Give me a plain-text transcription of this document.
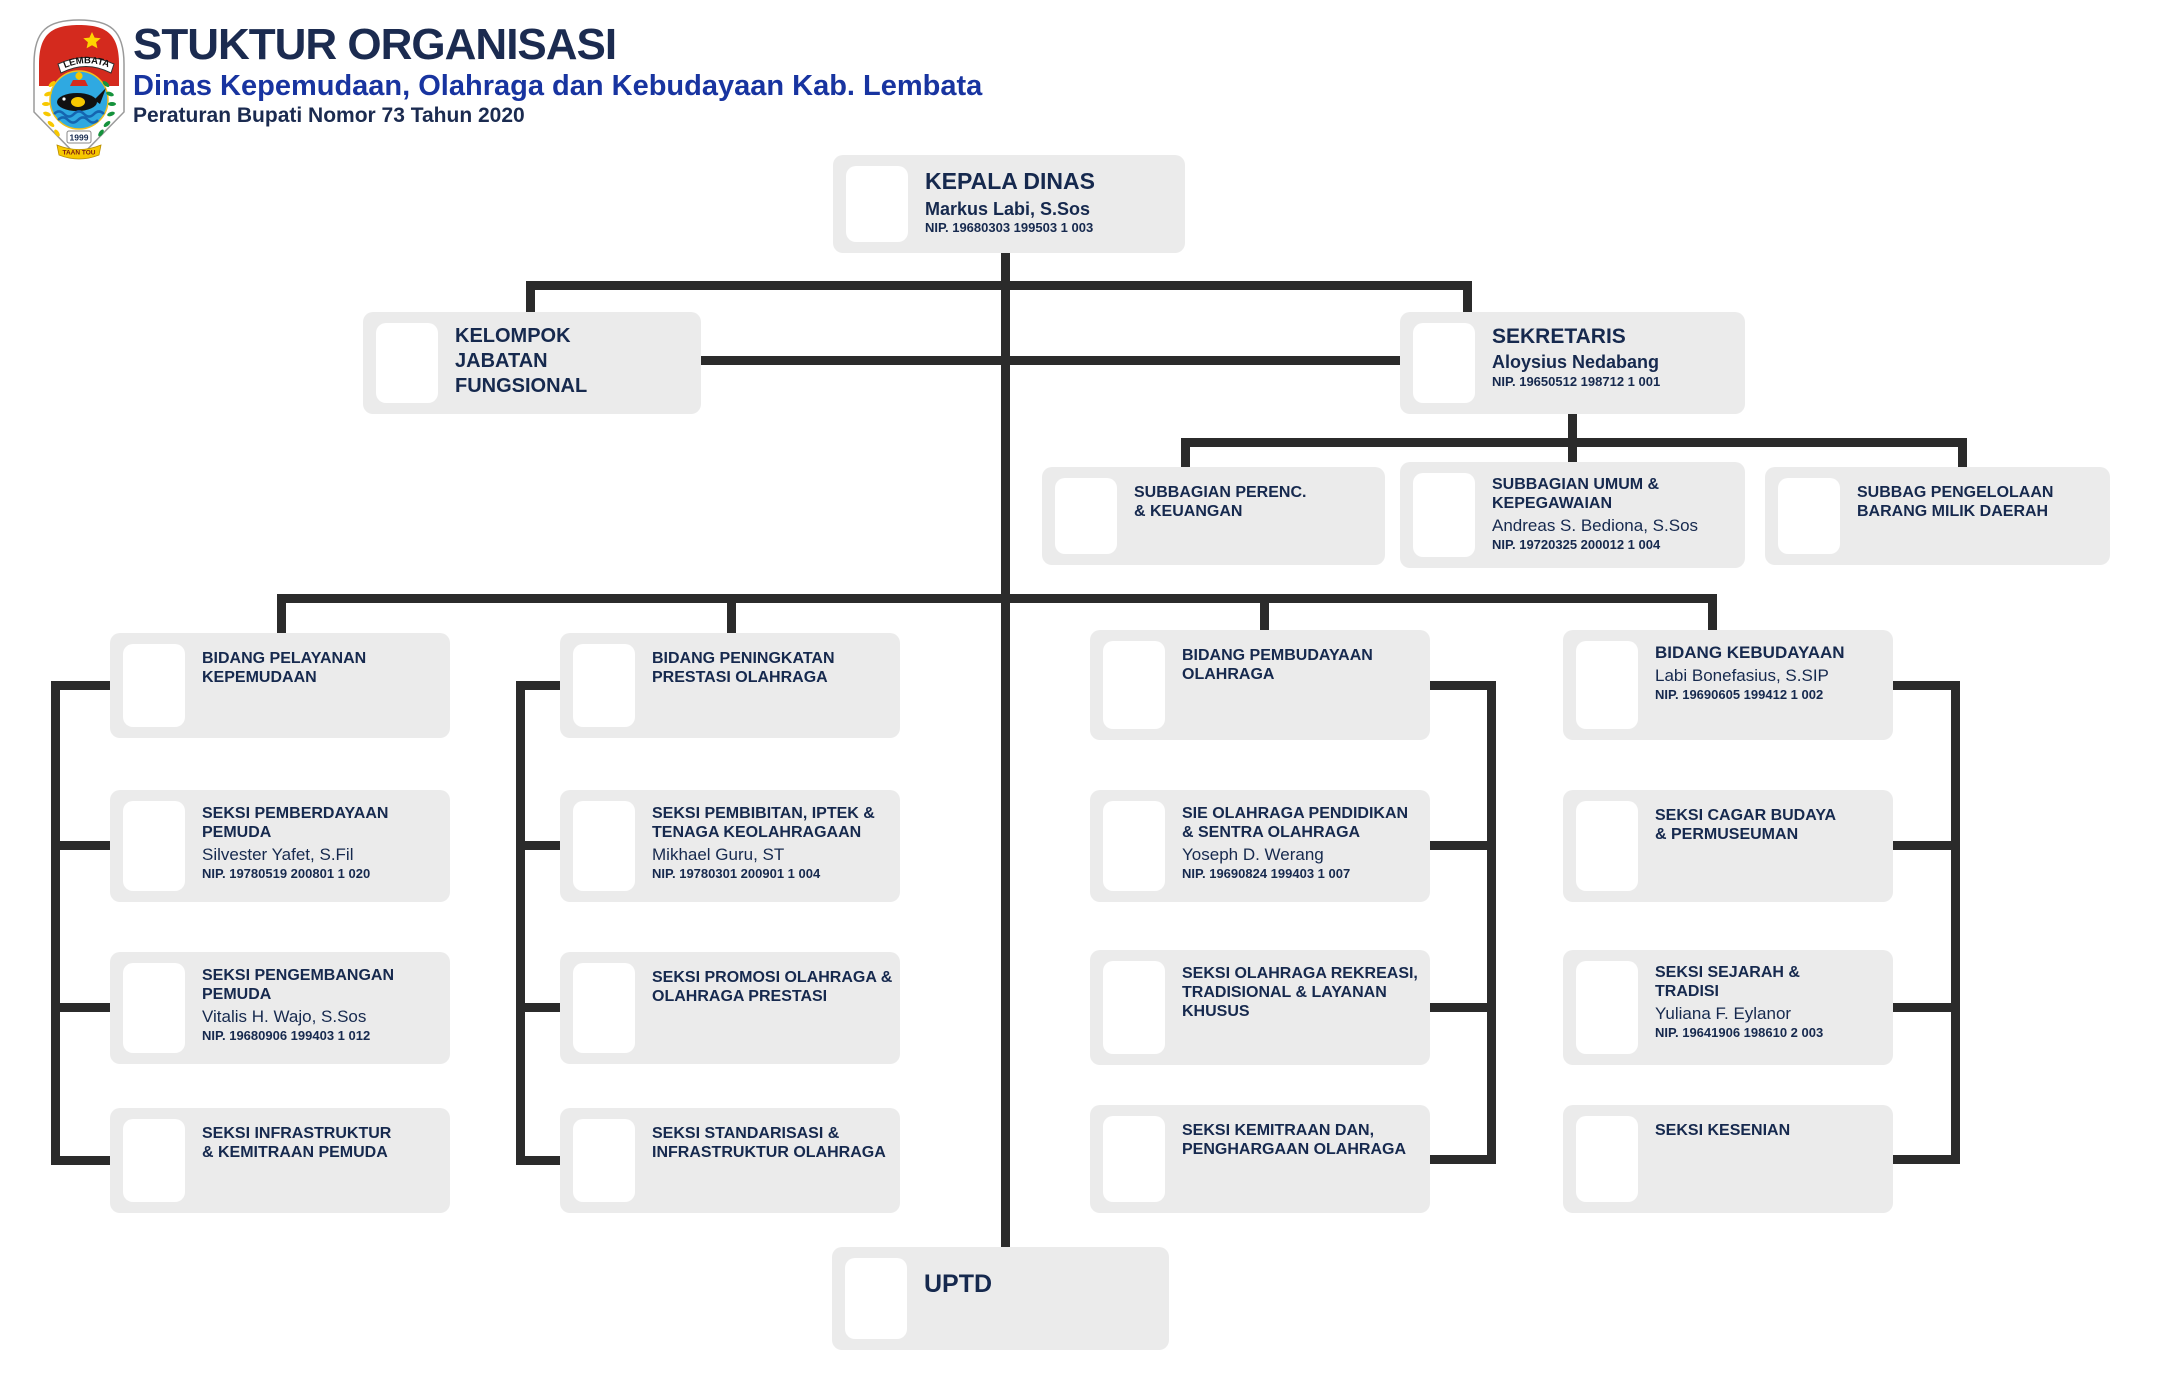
LEMBATA
1999
TAAN TOU
STUKTUR ORGANISASI
Dinas Kepemudaan, Olahraga dan Kebudayaan Kab. Lembata
Peraturan Bupati Nomor 73 Tahun 2020
KEPALA DINAS
Markus Labi, S.Sos
NIP. 19680303 199503 1 003
KELOMPOK JABATAN FUNGSIONAL
SEKRETARIS
Aloysius Nedabang
NIP. 19650512 198712 1 001
SUBBAGIAN PERENC. & KEUANGAN
SUBBAGIAN UMUM & KEPEGAWAIAN
Andreas S. Bediona, S.Sos
NIP. 19720325 200012 1 004
SUBBAG PENGELOLAAN BARANG MILIK DAERAH
BIDANG PELAYANAN KEPEMUDAAN
SEKSI PEMBERDAYAAN PEMUDA
Silvester Yafet, S.Fil
NIP. 19780519 200801 1 020
SEKSI PENGEMBANGAN PEMUDA
Vitalis H. Wajo, S.Sos
NIP. 19680906 199403 1 012
SEKSI INFRASTRUKTUR & KEMITRAAN PEMUDA
BIDANG PENINGKATAN PRESTASI OLAHRAGA
SEKSI PEMBIBITAN, IPTEK & TENAGA KEOLAHRAGAAN
Mikhael Guru, ST
NIP. 19780301 200901 1 004
SEKSI PROMOSI OLAHRAGA & OLAHRAGA PRESTASI
SEKSI STANDARISASI & INFRASTRUKTUR OLAHRAGA
BIDANG PEMBUDAYAAN OLAHRAGA
SIE OLAHRAGA PENDIDIKAN & SENTRA OLAHRAGA
Yoseph D. Werang
NIP. 19690824 199403 1 007
SEKSI OLAHRAGA REKREASI, TRADISIONAL & LAYANAN KHUSUS
SEKSI KEMITRAAN DAN, PENGHARGAAN OLAHRAGA
BIDANG KEBUDAYAAN
Labi Bonefasius, S.SIP
NIP. 19690605 199412 1 002
SEKSI CAGAR BUDAYA & PERMUSEUMAN
SEKSI SEJARAH & TRADISI
Yuliana F. Eylanor
NIP. 19641906 198610 2 003
SEKSI KESENIAN
UPTD
